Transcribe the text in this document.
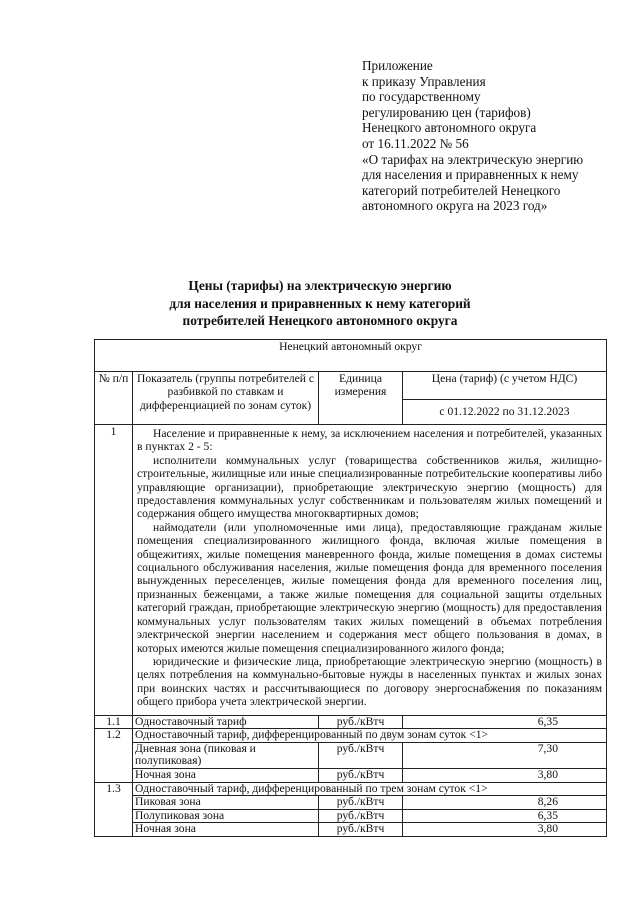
Приложение
к приказу Управления
по государственному
регулированию цен (тарифов)
Ненецкого автономного округа
от 16.11.2022 № 56
«О тарифах на электрическую энергию
для населения и приравненных к нему
категорий потребителей Ненецкого
автономного округа на 2023 год»
Цены (тарифы) на электрическую энергию
для населения и приравненных к нему категорий
потребителей Ненецкого автономного округа
Ненецкий автономный округ			
№ п/п	Показатель (группы потребителей с разбивкой по ставкам и дифференциацией по зонам суток)	Единица измерения	Цена (тариф) (с учетом НДС)
			с 01.12.2022 по 31.12.2023
1	Население и приравненные к нему, за исключением населения и потребителей, указанных в пунктах 2 - 5:

исполнители коммунальных услуг (товарищества собственников жилья, жилищно-строительные, жилищные или иные специализированные потребительские кооперативы либо управляющие организации), приобретающие электрическую энергию (мощность) для предоставления коммунальных услуг собственникам и пользователям жилых помещений и содержания общего имущества многоквартирных домов;

наймодатели (или уполномоченные ими лица), предоставляющие гражданам жилые помещения специализированного жилищного фонда, включая жилые помещения в общежитиях, жилые помещения маневренного фонда, жилые помещения в домах системы социального обслуживания населения, жилые помещения фонда для временного поселения вынужденных переселенцев, жилые помещения фонда для временного поселения лиц, признанных беженцами, а также жилые помещения для социальной защиты отдельных категорий граждан, приобретающие электрическую энергию (мощность) для предоставления коммунальных услуг пользователям таких жилых помещений в объемах потребления электрической энергии населением и содержания мест общего пользования в домах, в которых имеются жилые помещения специализированного жилого фонда;

юридические и физические лица, приобретающие электрическую энергию (мощность) в целях потребления на коммунально-бытовые нужды в населенных пунктах и жилых зонах при воинских частях и рассчитывающиеся по договору энергоснабжения по показаниям общего прибора учета электрической энергии.		

1.1	Одноставочный тариф	руб./кВтч	6,35
1.2	Одноставочный тариф, дифференцированный по двум зонам суток <1>		
	Дневная зона (пиковая и полупиковая)	руб./кВтч	7,30
	Ночная зона	руб./кВтч	3,80
1.3	Одноставочный тариф, дифференцированный по трем зонам суток <1>		
	Пиковая зона	руб./кВтч	8,26
	Полупиковая зона	руб./кВтч	6,35
	Ночная зона	руб./кВтч	3,80
